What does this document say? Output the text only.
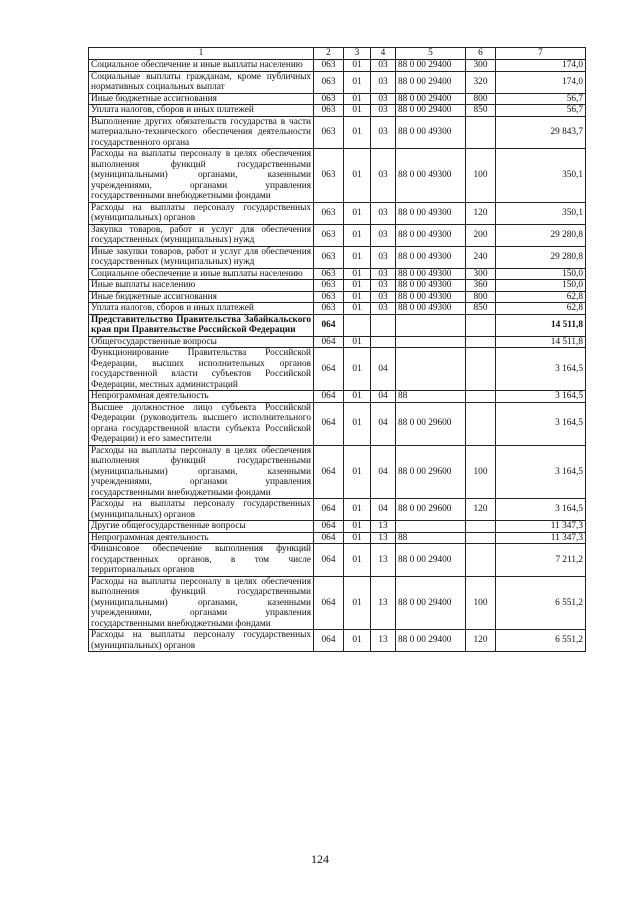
1	2	3	4	5	6	7
Социальное обеспечение и иные выплаты населению	063	01	03	88 0 00 29400	300	174,0
Социальные выплаты гражданам, кроме публичных нормативных социальных выплат	063	01	03	88 0 00 29400	320	174,0
Иные бюджетные ассигнования	063	01	03	88 0 00 29400	800	56,7
Уплата налогов, сборов и иных платежей	063	01	03	88 0 00 29400	850	56,7
Выполнение других обязательств государства в части материально-технического обеспечения деятельности государственного органа	063	01	03	88 0 00 49300		29 843,7
Расходы на выплаты персоналу в целях обеспечения выполнения функций государственными (муниципальными) органами, казенными учреждениями, органами управления государственными внебюджетными фондами	063	01	03	88 0 00 49300	100	350,1
Расходы на выплаты персоналу государственных (муниципальных) органов	063	01	03	88 0 00 49300	120	350,1
Закупка товаров, работ и услуг для обеспечения государственных (муниципальных) нужд	063	01	03	88 0 00 49300	200	29 280,8
Иные закупки товаров, работ и услуг для обеспечения государственных (муниципальных) нужд	063	01	03	88 0 00 49300	240	29 280,8
Социальное обеспечение и иные выплаты населению	063	01	03	88 0 00 49300	300	150,0
Иные выплаты населению	063	01	03	88 0 00 49300	360	150,0
Иные бюджетные ассигнования	063	01	03	88 0 00 49300	800	62,8
Уплата налогов, сборов и иных платежей	063	01	03	88 0 00 49300	850	62,8
Представительство Правительства Забайкальского края при Правительстве Российской Федерации	064					14 511,8
Общегосударственные вопросы	064	01				14 511,8
Функционирование Правительства Российской Федерации, высших исполнительных органов государственной власти субъектов Российской Федерации, местных администраций	064	01	04			3 164,5
Непрограммная деятельность	064	01	04	88		3 164,5
Высшее должностное лицо субъекта Российской Федерации (руководитель высшего исполнительного органа государственной власти субъекта Российской Федерации) и его заместители	064	01	04	88 0 00 29600		3 164,5
Расходы на выплаты персоналу в целях обеспечения выполнения функций государственными (муниципальными) органами, казенными учреждениями, органами управления государственными внебюджетными фондами	064	01	04	88 0 00 29600	100	3 164,5
Расходы на выплаты персоналу государственных (муниципальных) органов	064	01	04	88 0 00 29600	120	3 164,5
Другие общегосударственные вопросы	064	01	13			11 347,3
Непрограммная деятельность	064	01	13	88		11 347,3
Финансовое обеспечение выполнения функций государственных органов, в том числе территориальных органов	064	01	13	88 0 00 29400		7 211,2
Расходы на выплаты персоналу в целях обеспечения выполнения функций государственными (муниципальными) органами, казенными учреждениями, органами управления государственными внебюджетными фондами	064	01	13	88 0 00 29400	100	6 551,2
Расходы на выплаты персоналу государственных (муниципальных) органов	064	01	13	88 0 00 29400	120	6 551,2
124
